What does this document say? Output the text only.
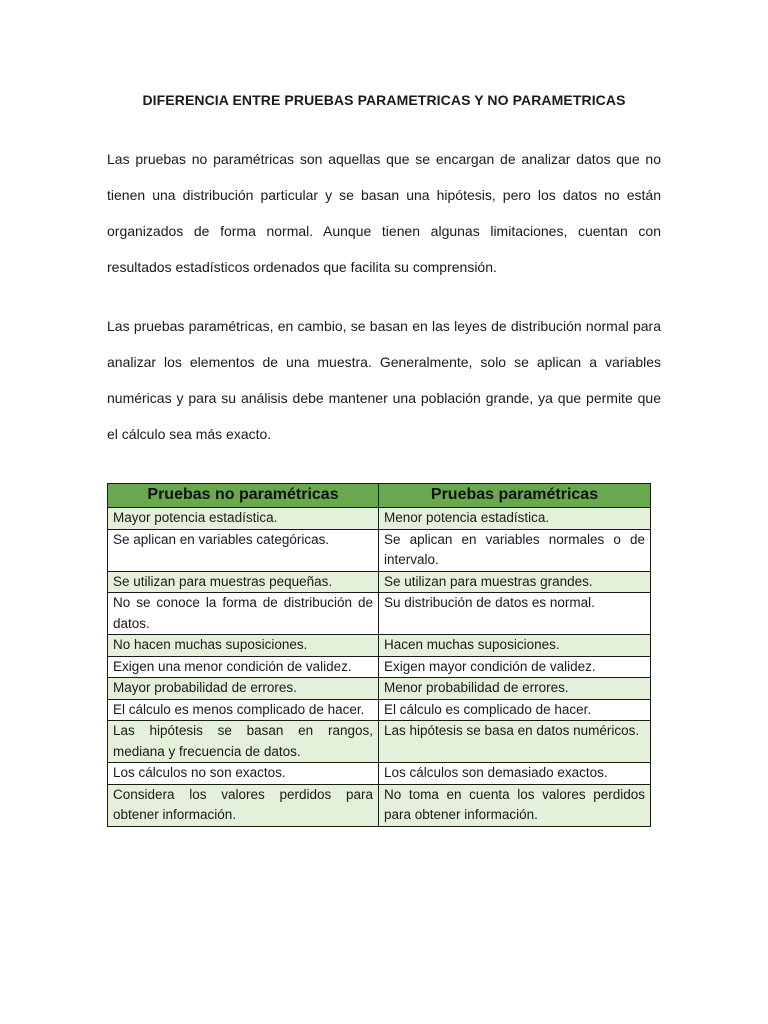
DIFERENCIA ENTRE PRUEBAS PARAMETRICAS Y NO PARAMETRICAS

Las pruebas no paramétricas son aquellas que se encargan de analizar datos que no tienen una distribución particular y se basan una hipótesis, pero los datos no están organizados de forma normal. Aunque tienen algunas limitaciones, cuentan con resultados estadísticos ordenados que facilita su comprensión.

Las pruebas paramétricas, en cambio, se basan en las leyes de distribución normal para analizar los elementos de una muestra. Generalmente, solo se aplican a variables numéricas y para su análisis debe mantener una población grande, ya que permite que el cálculo sea más exacto.

Pruebas no paramétricas	Pruebas paramétricas
Mayor potencia estadística.	Menor potencia estadística.
Se aplican en variables categóricas.	Se aplican en variables normales o de intervalo.
Se utilizan para muestras pequeñas.	Se utilizan para muestras grandes.
No se conoce la forma de distribución de datos.	Su distribución de datos es normal.
No hacen muchas suposiciones.	Hacen muchas suposiciones.
Exigen una menor condición de validez.	Exigen mayor condición de validez.
Mayor probabilidad de errores.	Menor probabilidad de errores.
El cálculo es menos complicado de hacer.	El cálculo es complicado de hacer.
Las hipótesis se basan en rangos, mediana y frecuencia de datos.	Las hipótesis se basa en datos numéricos.
Los cálculos no son exactos.	Los cálculos son demasiado exactos.
Considera los valores perdidos para obtener información.	No toma en cuenta los valores perdidos para obtener información.
